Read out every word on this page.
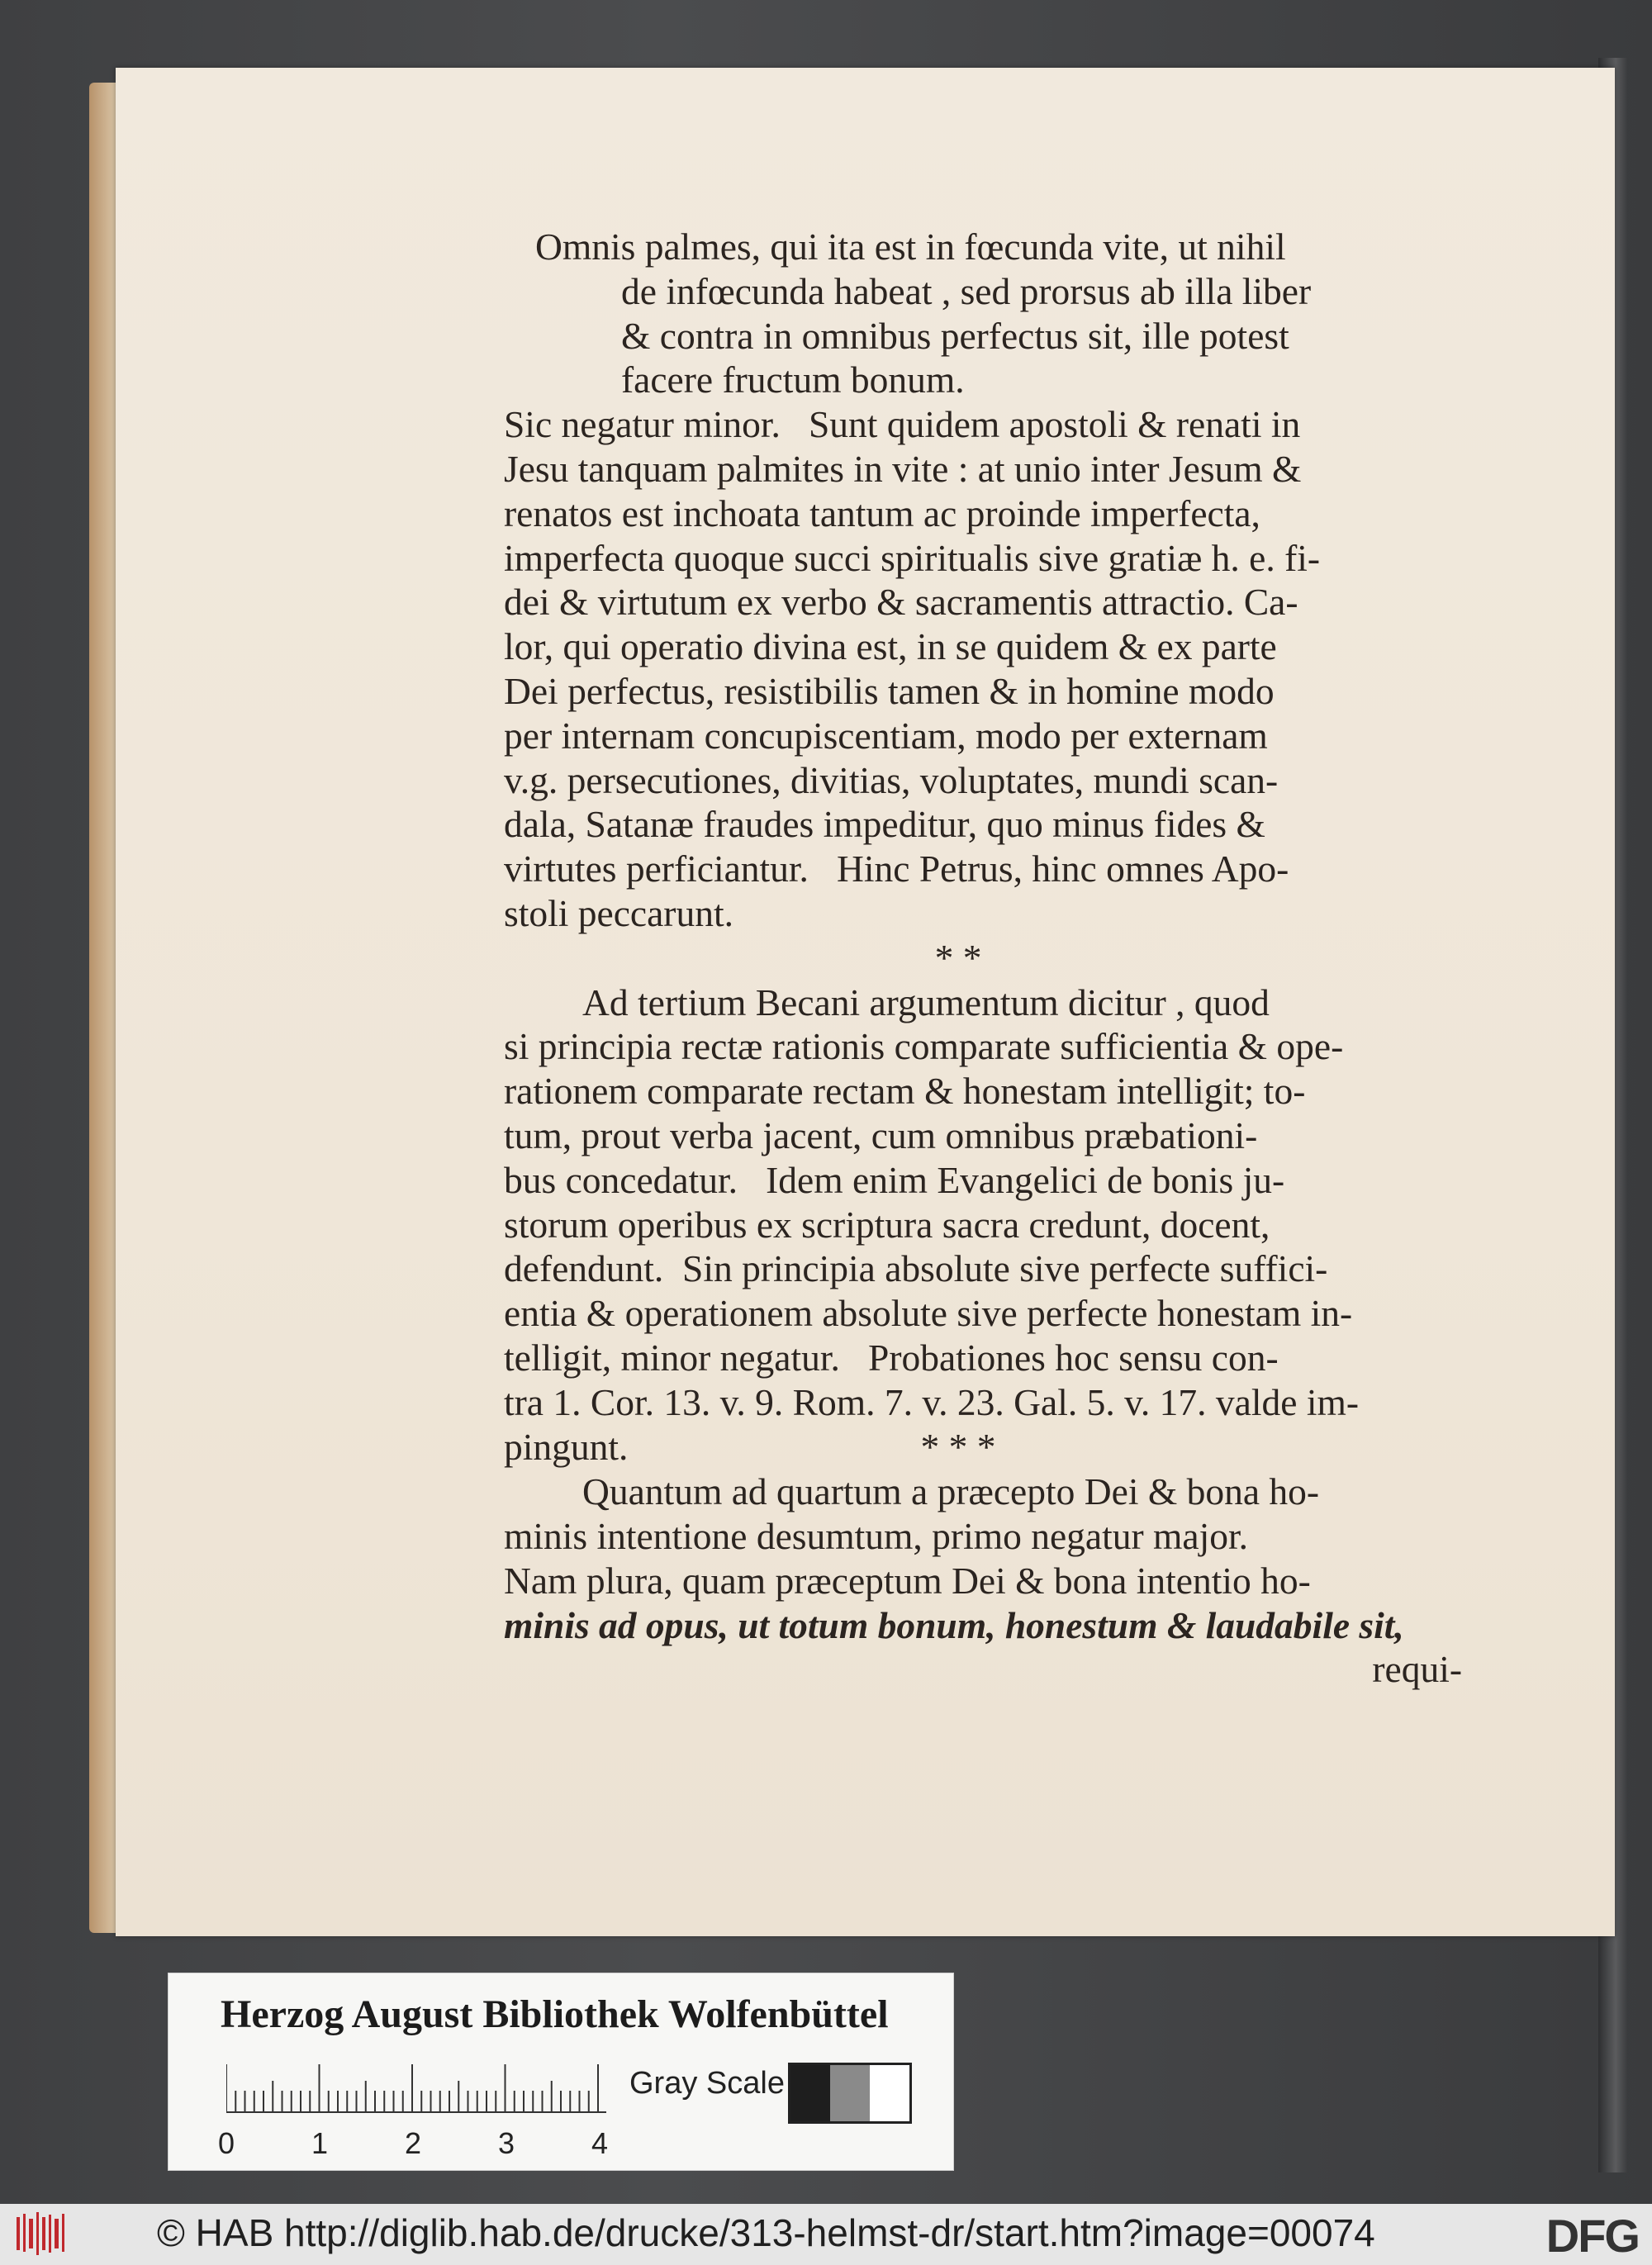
Omnis palmes, qui ita est in fœcunda vite, ut nihil
de infœcunda habeat , sed prorsus ab illa liber
& contra in omnibus perfectus sit, ille potest
facere fructum bonum.
Sic negatur minor.   Sunt quidem apostoli & renati in
Jesu tanquam palmites in vite : at unio inter Jesum &
renatos est inchoata tantum ac proinde imperfecta,
imperfecta quoque succi spiritualis sive gratiæ h. e. fi-
dei & virtutum ex verbo & sacramentis attractio. Ca-
lor, qui operatio divina est, in se quidem & ex parte
Dei perfectus, resistibilis tamen & in homine modo
per internam concupiscentiam, modo per externam
v.g. persecutiones, divitias, voluptates, mundi scan-
dala, Satanæ fraudes impeditur, quo minus fides &
virtutes perficiantur.   Hinc Petrus, hinc omnes Apo-
stoli peccarunt.
* *
Ad tertium Becani argumentum dicitur , quod
si principia rectæ rationis comparate sufficientia & ope-
rationem comparate rectam & honestam intelligit; to-
tum, prout verba jacent, cum omnibus præbationi-
bus concedatur.   Idem enim Evangelici de bonis ju-
storum operibus ex scriptura sacra credunt, docent,
defendunt.  Sin principia absolute sive perfecte suffici-
entia & operationem absolute sive perfecte honestam in-
telligit, minor negatur.   Probationes hoc sensu con-
tra 1. Cor. 13. v. 9. Rom. 7. v. 23. Gal. 5. v. 17. valde im-
pingunt.	* * *
Quantum ad quartum a præcepto Dei & bona ho-
minis intentione desumtum, primo negatur major.
Nam plura, quam præceptum Dei & bona intentio ho-
minis ad opus, ut totum bonum, honestum & laudabile sit,
requi-
Herzog August Bibliothek Wolfenbüttel
0	1	2	3	4
Gray Scale
© HAB http://diglib.hab.de/drucke/313-helmst-dr/start.htm?image=00074	DFG
